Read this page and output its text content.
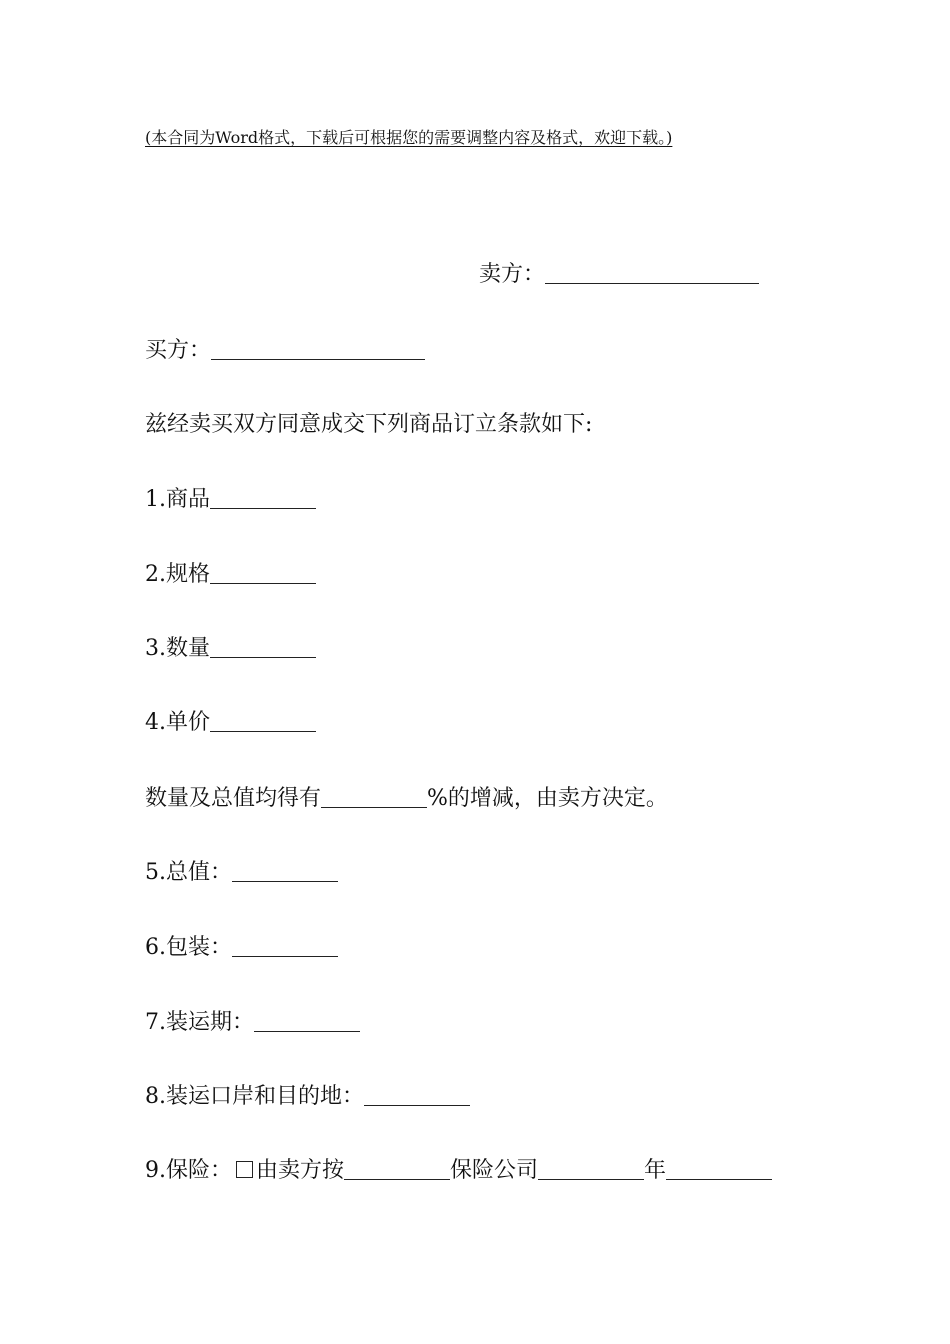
(本合同为Word格式，下载后可根据您的需要调整内容及格式，欢迎下载。)
卖方：
买方：
兹经卖买双方同意成交下列商品订立条款如下:
1.商品
2.规格
3.数量
4.单价
数量及总值均得有	%的增减，由卖方决定。
5.总值：
6.包装：
7.装运期：
8.装运口岸和目的地：
9.保险： 由卖方按	保险公司	年
